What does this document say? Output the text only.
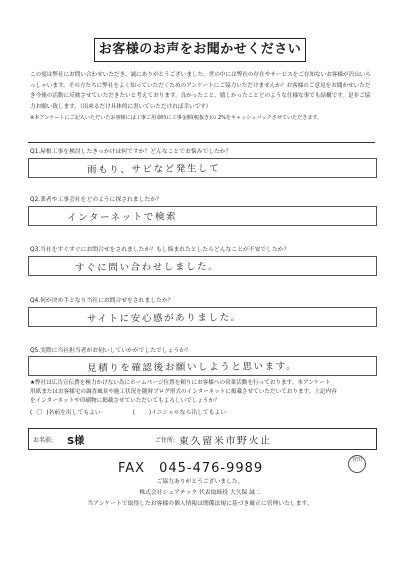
お客様のお声をお聞かせください

この度は弊社にお問い合わせいただき、誠にありがとうございました。世の中には弊社の存在やサービスをご存知ないお客様が沢山いらっしゃいます。その方たちに弊社をよく知っていただくためのアンケートにご協力いただけませんか？お客様のご意見をお聞かせいただき今後の活動に反映させていただきたいと考えております。良かったこと、嬉しかったことどのような仕様な事でも結構です。是非ご協力お願い致します。（出来るだけ具体的に書いていただければ幸いです）

※本アンケートにご記入いただいたお客様には工事ご用命時に工事金額(税抜き)の 2%をキャッシュバックさせていただきます。

Q1.屋根工事を検討したきっかけは何ですか？どんなことでお悩みでしたか？
雨もり、サビなど発生して
Q2.業者や工事会社をどのように探されましたか？
インターネットで検索
Q3.当社をすぐすぐにお問合せをされましたか？もし悩まれたとしたらどんなことが不安でしたか？
すぐに問い合わせしました。
Q4.何が決め手となり当社にお問合せをされましたか？
サイトに安心感がありました。
Q5.実際に当社担当者がお伺いしていかがでしたでしょうか？
見積りを確認後お願いしようと思います。

★弊社は広告宣伝費を極力かけない為にホームページ位置を頼りにお客様への営業活動を行っております。本アンケート

用紙またはお客様宅の調査風景や施工状況を随時ブログ形式のインターネットに掲載させていただいております。上記内容

をインターネットや印刷物に掲載させていただいてもよろしいでしょうか？

( 〇 )名前を出してもよい	( )イニシャルなら出してもよい
お名前: S様	ご住所: 東久留米市野火止
FAX　045-476-9989
宮田
ご協力ありがとうございました。
株式会社シェアテック 代表取締役 大久保 誠二
当アンケートで取得したお客様の個人情報は関係法規に基づき厳正に管理いたします。
